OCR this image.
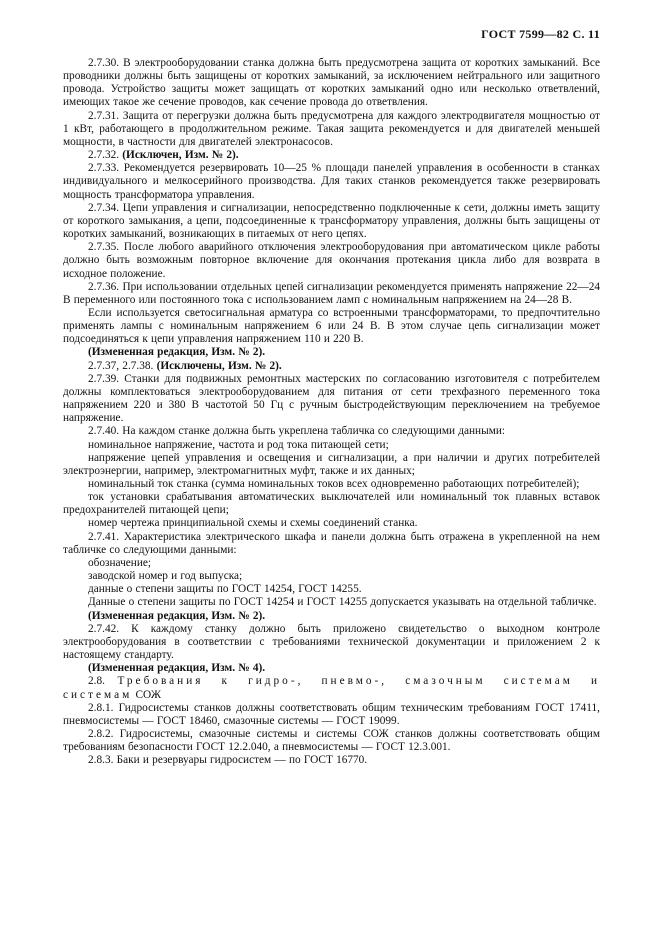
ГОСТ 7599—82 С. 11

2.7.30. В электрооборудовании станка должна быть предусмотрена защита от коротких замыканий. Все проводники должны быть защищены от коротких замыканий, за исключением нейтрального или защитного провода. Устройство защиты может защищать от коротких замыканий одно или несколько ответвлений, имеющих такое же сечение проводов, как сечение провода до ответвления.

2.7.31. Защита от перегрузки должна быть предусмотрена для каждого электродвигателя мощностью от 1 кВт, работающего в продолжительном режиме. Такая защита рекомендуется и для двигателей меньшей мощности, в частности для двигателей электронасосов.

2.7.32. (Исключен, Изм. № 2).

2.7.33. Рекомендуется резервировать 10—25 % площади панелей управления в особенности в станках индивидуального и мелкосерийного производства. Для таких станков рекомендуется также резервировать мощность трансформатора управления.

2.7.34. Цепи управления и сигнализации, непосредственно подключенные к сети, должны иметь защиту от короткого замыкания, а цепи, подсоединенные к трансформатору управления, должны быть защищены от коротких замыканий, возникающих в питаемых от него цепях.

2.7.35. После любого аварийного отключения электрооборудования при автоматическом цикле работы должно быть возможным повторное включение для окончания протекания цикла либо для возврата в исходное положение.

2.7.36. При использовании отдельных цепей сигнализации рекомендуется применять напряжение 22—24 В переменного или постоянного тока с использованием ламп с номинальным напряжением на 24—28 В.

Если используется светосигнальная арматура со встроенными трансформаторами, то предпочтительно применять лампы с номинальным напряжением 6 или 24 В. В этом случае цепь сигнализации может подсоединяться к цепи управления напряжением 110 и 220 В.

(Измененная редакция, Изм. № 2).

2.7.37, 2.7.38. (Исключены, Изм. № 2).

2.7.39. Станки для подвижных ремонтных мастерских по согласованию изготовителя с потребителем должны комплектоваться электрооборудованием для питания от сети трехфазного переменного тока напряжением 220 и 380 В частотой 50 Гц с ручным быстродействующим переключением на требуемое напряжение.

2.7.40. На каждом станке должна быть укреплена табличка со следующими данными:

номинальное напряжение, частота и род тока питающей сети;

напряжение цепей управления и освещения и сигнализации, а при наличии и других потребителей электроэнергии, например, электромагнитных муфт, также и их данных;

номинальный ток станка (сумма номинальных токов всех одновременно работающих потребителей);

ток установки срабатывания автоматических выключателей или номинальный ток плавных вставок предохранителей питающей цепи;

номер чертежа принципиальной схемы и схемы соединений станка.

2.7.41. Характеристика электрического шкафа и панели должна быть отражена в укрепленной на нем табличке со следующими данными:

обозначение;

заводской номер и год выпуска;

данные о степени защиты по ГОСТ 14254, ГОСТ 14255.

Данные о степени защиты по ГОСТ 14254 и ГОСТ 14255 допускается указывать на отдельной табличке.

(Измененная редакция, Изм. № 2).

2.7.42. К каждому станку должно быть приложено свидетельство о выходном контроле электрооборудования в соответствии с требованиями технической документации и приложением 2 к настоящему стандарту.

(Измененная редакция, Изм. № 4).

2.8. Требования к гидро-, пневмо-, смазочным системам и системам СОЖ

2.8.1. Гидросистемы станков должны соответствовать общим техническим требованиям ГОСТ 17411, пневмосистемы — ГОСТ 18460, смазочные системы — ГОСТ 19099.

2.8.2. Гидросистемы, смазочные системы и системы СОЖ станков должны соответствовать общим требованиям безопасности ГОСТ 12.2.040, а пневмосистемы — ГОСТ 12.3.001.

2.8.3. Баки и резервуары гидросистем — по ГОСТ 16770.
